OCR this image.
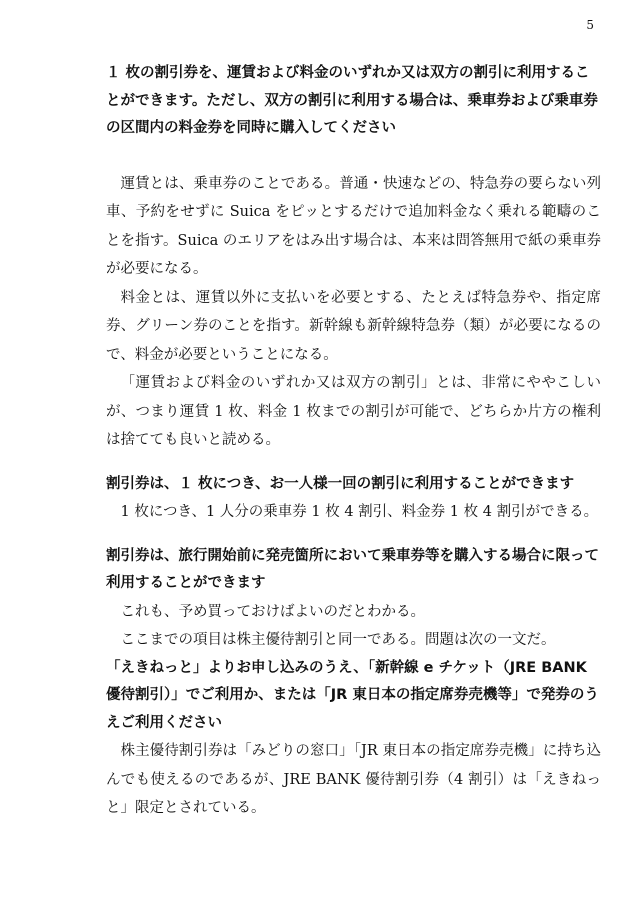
5
１ 枚の割引券を、運賃および料金のいずれか又は双方の割引に利用することができます。ただし、双方の割引に利用する場合は、乗車券および乗車券の区間内の料金券を同時に購入してください
運賃とは、乗車券のことである。普通・快速などの、特急券の要らない列車、予約をせずに Suica をピッとするだけで追加料金なく乗れる範疇のことを指す。Suica のエリアをはみ出す場合は、本来は問答無用で紙の乗車券が必要になる。
料金とは、運賃以外に支払いを必要とする、たとえば特急券や、指定席券、グリーン券のことを指す。新幹線も新幹線特急券（類）が必要になるので、料金が必要ということになる。
「運賃および料金のいずれか又は双方の割引」とは、非常にややこしいが、つまり運賃 1 枚、料金 1 枚までの割引が可能で、どちらか片方の権利は捨てても良いと読める。
割引券は、１ 枚につき、お一人様一回の割引に利用することができます
1 枚につき、1 人分の乗車券 1 枚 4 割引、料金券 1 枚 4 割引ができる。
割引券は、旅行開始前に発売箇所において乗車券等を購入する場合に限って利用することができます
これも、予め買っておけばよいのだとわかる。
ここまでの項目は株主優待割引と同一である。問題は次の一文だ。
「えきねっと」よりお申し込みのうえ、「新幹線 e チケット（JRE BANK 優待割引）」でご利用か、または「JR 東日本の指定席券売機等」で発券のうえご利用ください
株主優待割引券は「みどりの窓口」「JR 東日本の指定席券売機」に持ち込んでも使えるのであるが、JRE BANK 優待割引券（4 割引）は「えきねっと」限定とされている。
